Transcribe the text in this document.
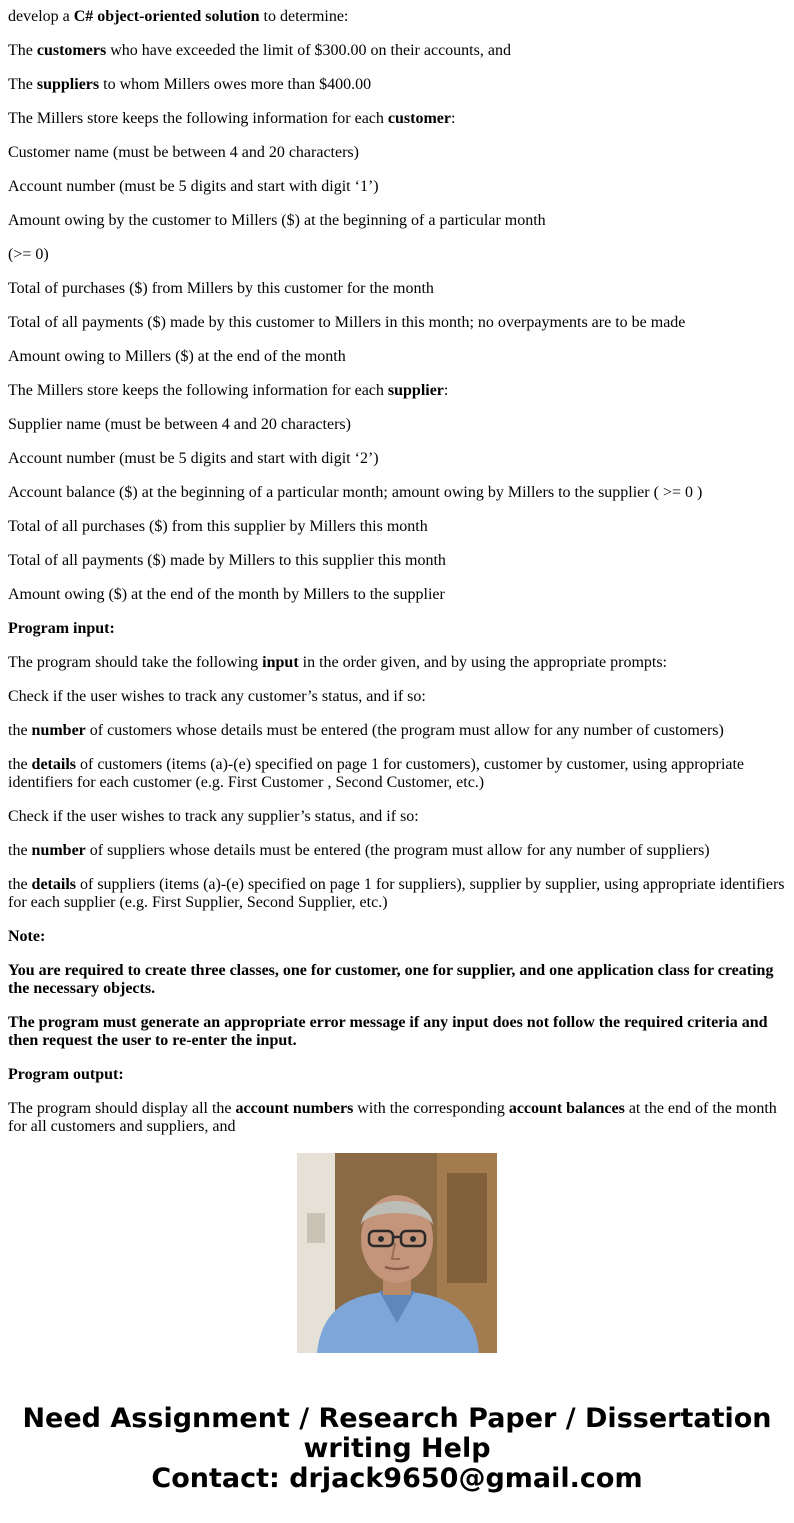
develop a C# object-oriented solution to determine:

The customers who have exceeded the limit of $300.00 on their accounts, and

The suppliers to whom Millers owes more than $400.00

The Millers store keeps the following information for each customer:

Customer name (must be between 4 and 20 characters)

Account number (must be 5 digits and start with digit ‘1’)

Amount owing by the customer to Millers ($) at the beginning of a particular month

(>= 0)

Total of purchases ($) from Millers by this customer for the month

Total of all payments ($) made by this customer to Millers in this month; no overpayments are to be made

Amount owing to Millers ($) at the end of the month

The Millers store keeps the following information for each supplier:

Supplier name (must be between 4 and 20 characters)

Account number (must be 5 digits and start with digit ‘2’)

Account balance ($) at the beginning of a particular month; amount owing by Millers to the supplier ( >= 0 )

Total of all purchases ($) from this supplier by Millers this month

Total of all payments ($) made by Millers to this supplier this month

Amount owing ($) at the end of the month by Millers to the supplier

Program input:

The program should take the following input in the order given, and by using the appropriate prompts:

Check if the user wishes to track any customer’s status, and if so:

the number of customers whose details must be entered (the program must allow for any number of customers)

the details of customers (items (a)-(e) specified on page 1 for customers), customer by customer, using appropriate identifiers for each customer (e.g. First Customer , Second Customer, etc.)

Check if the user wishes to track any supplier’s status, and if so:

the number of suppliers whose details must be entered (the program must allow for any number of suppliers)

the details of suppliers (items (a)-(e) specified on page 1 for suppliers), supplier by supplier, using appropriate identifiers for each supplier (e.g. First Supplier, Second Supplier, etc.)

Note:

You are required to create three classes, one for customer, one for supplier, and one application class for creating the necessary objects.

The program must generate an appropriate error message if any input does not follow the required criteria and then request the user to re-enter the input.

Program output:

The program should display all the account numbers with the corresponding account balances at the end of the month for all customers and suppliers, and

Need Assignment / Research Paper / Dissertation writing Help
Contact: drjack9650@gmail.com
